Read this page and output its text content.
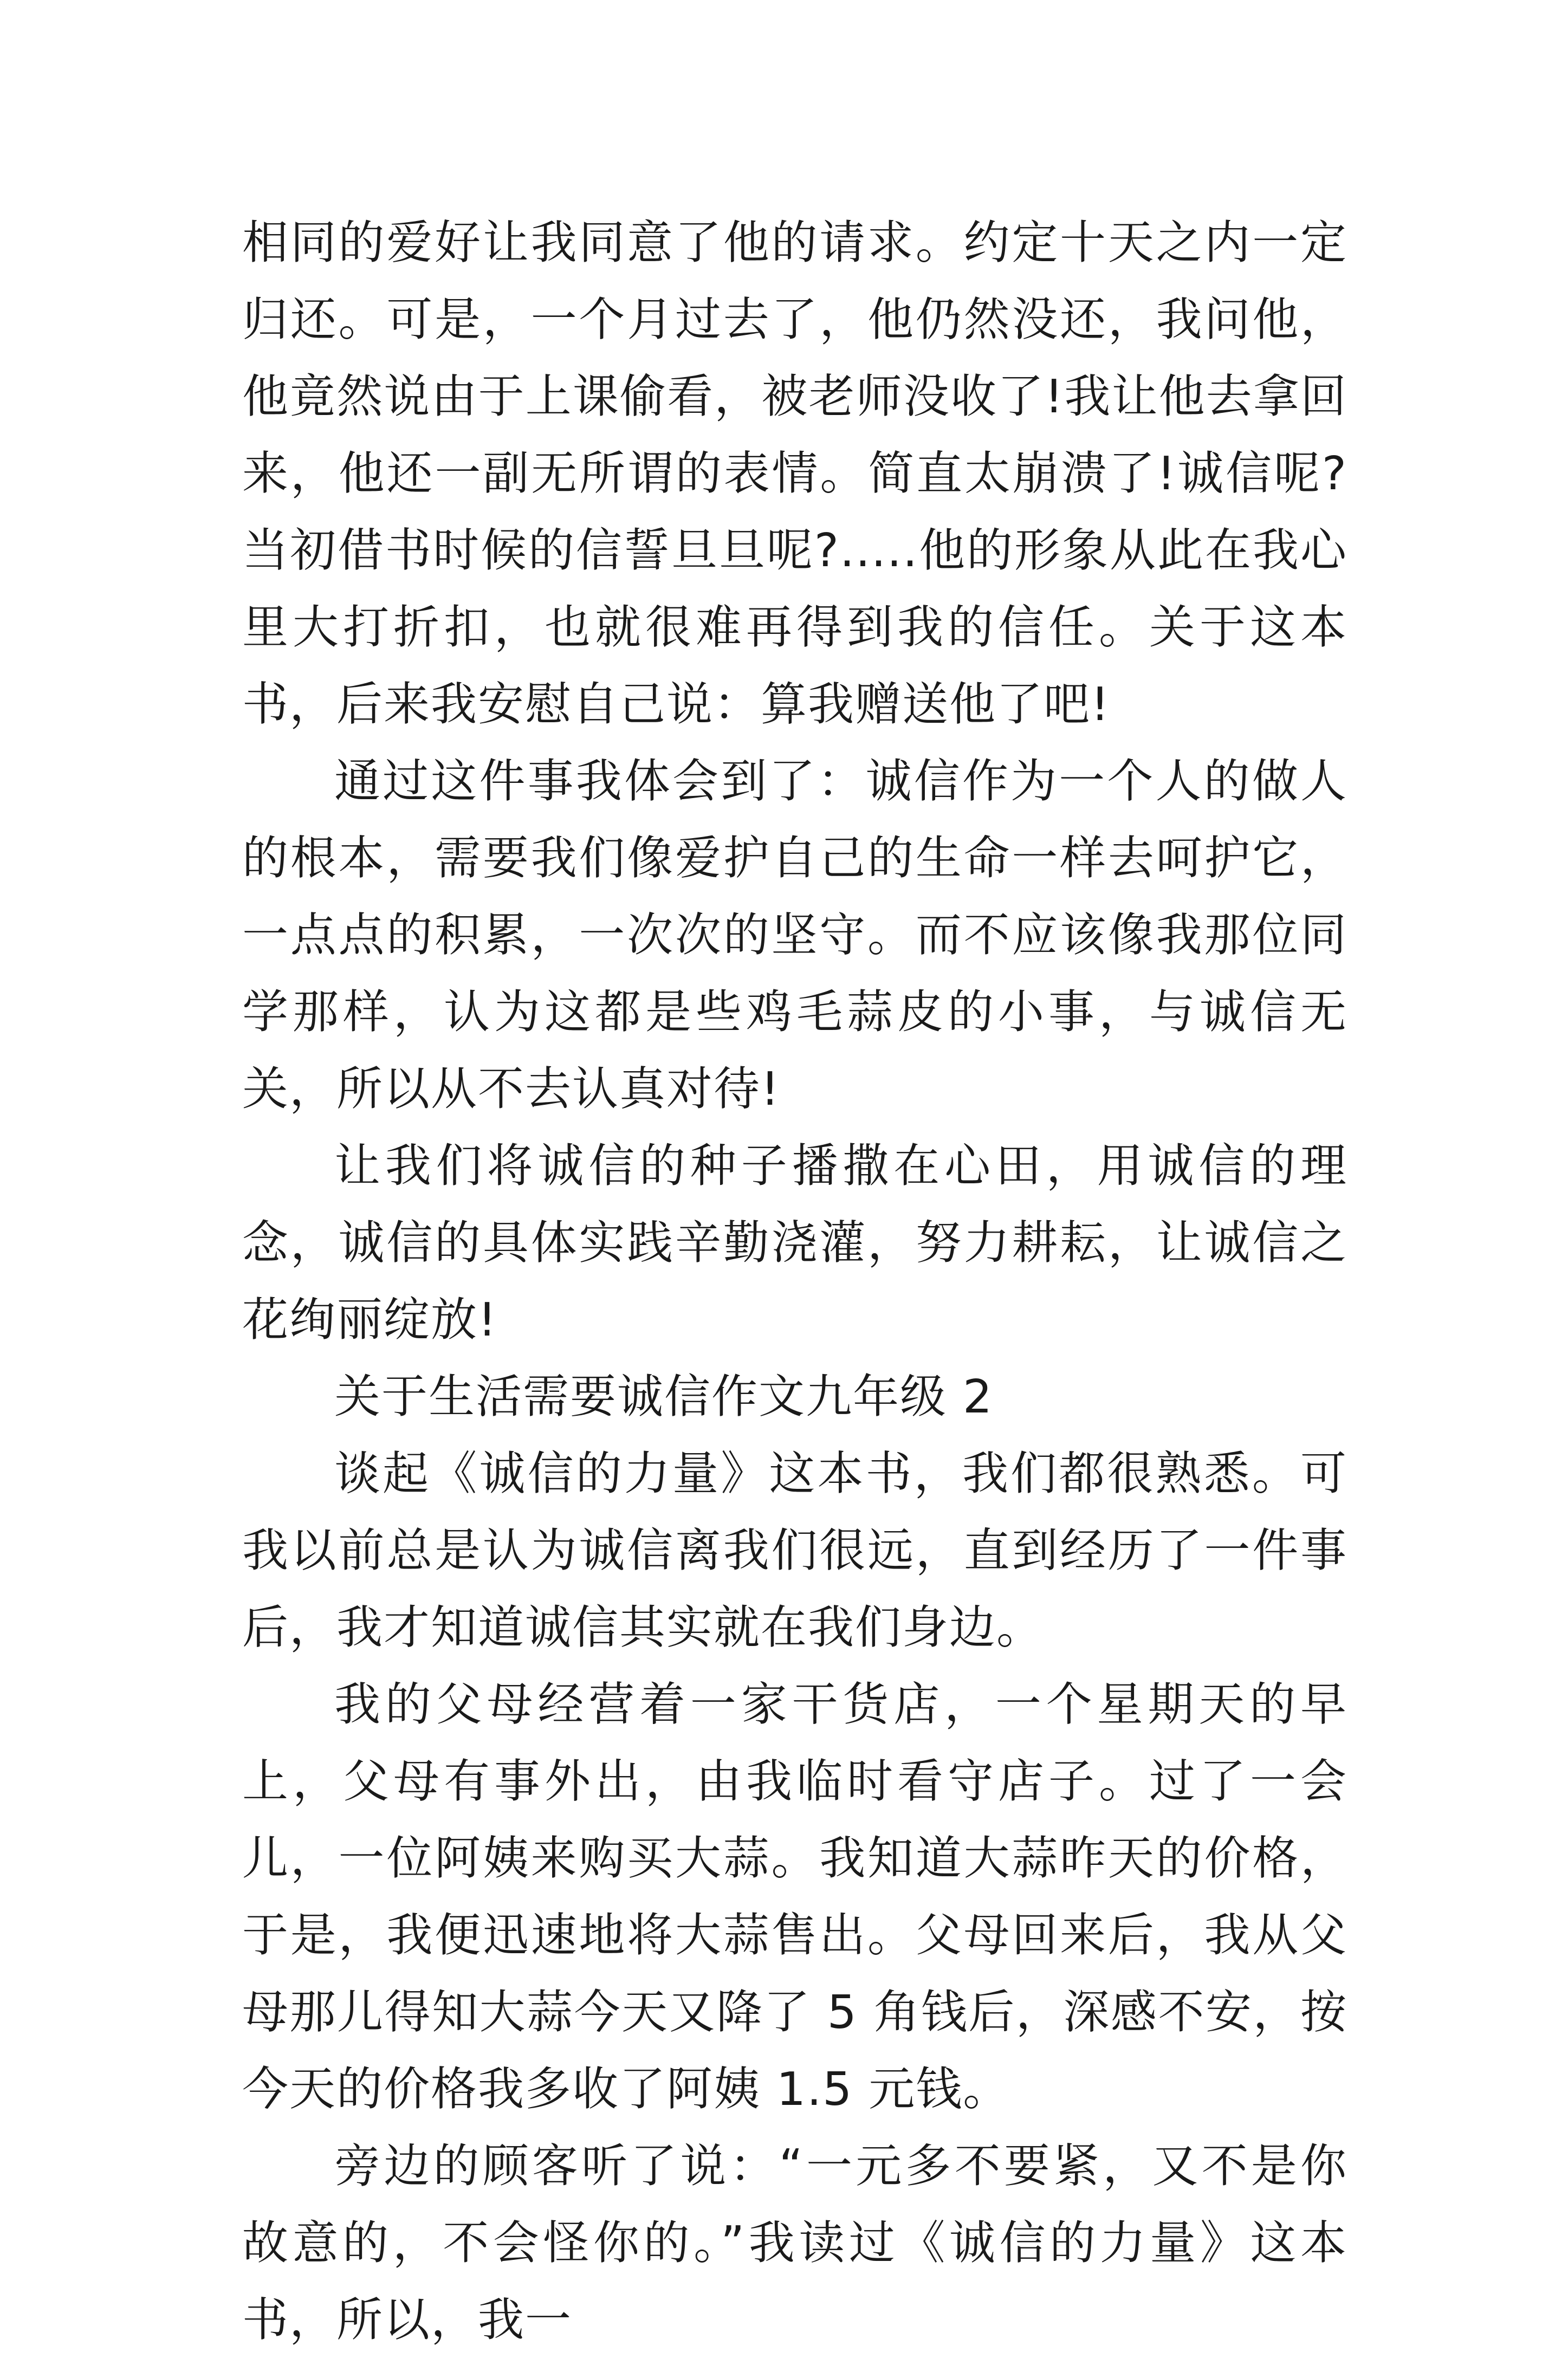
相同的爱好让我同意了他的请求。约定十天之内一定归还。可是，一个月过去了，他仍然没还，我问他，他竟然说由于上课偷看，被老师没收了!我让他去拿回来，他还一副无所谓的表情。简直太崩溃了!诚信呢?当初借书时候的信誓旦旦呢?.....他的形象从此在我心里大打折扣，也就很难再得到我的信任。关于这本书，后来我安慰自己说：算我赠送他了吧!

通过这件事我体会到了：诚信作为一个人的做人的根本，需要我们像爱护自己的生命一样去呵护它，一点点的积累，一次次的坚守。而不应该像我那位同学那样，认为这都是些鸡毛蒜皮的小事，与诚信无关，所以从不去认真对待!

让我们将诚信的种子播撒在心田，用诚信的理念，诚信的具体实践辛勤浇灌，努力耕耘，让诚信之花绚丽绽放!

关于生活需要诚信作文九年级 2

谈起《诚信的力量》这本书，我们都很熟悉。可我以前总是认为诚信离我们很远，直到经历了一件事后，我才知道诚信其实就在我们身边。

我的父母经营着一家干货店，一个星期天的早上，父母有事外出，由我临时看守店子。过了一会儿，一位阿姨来购买大蒜。我知道大蒜昨天的价格，于是，我便迅速地将大蒜售出。父母回来后，我从父母那儿得知大蒜今天又降了 5 角钱后，深感不安，按今天的价格我多收了阿姨 1.5 元钱。

旁边的顾客听了说：“一元多不要紧，又不是你故意的，不会怪你的。”我读过《诚信的力量》这本书，所以，我一
